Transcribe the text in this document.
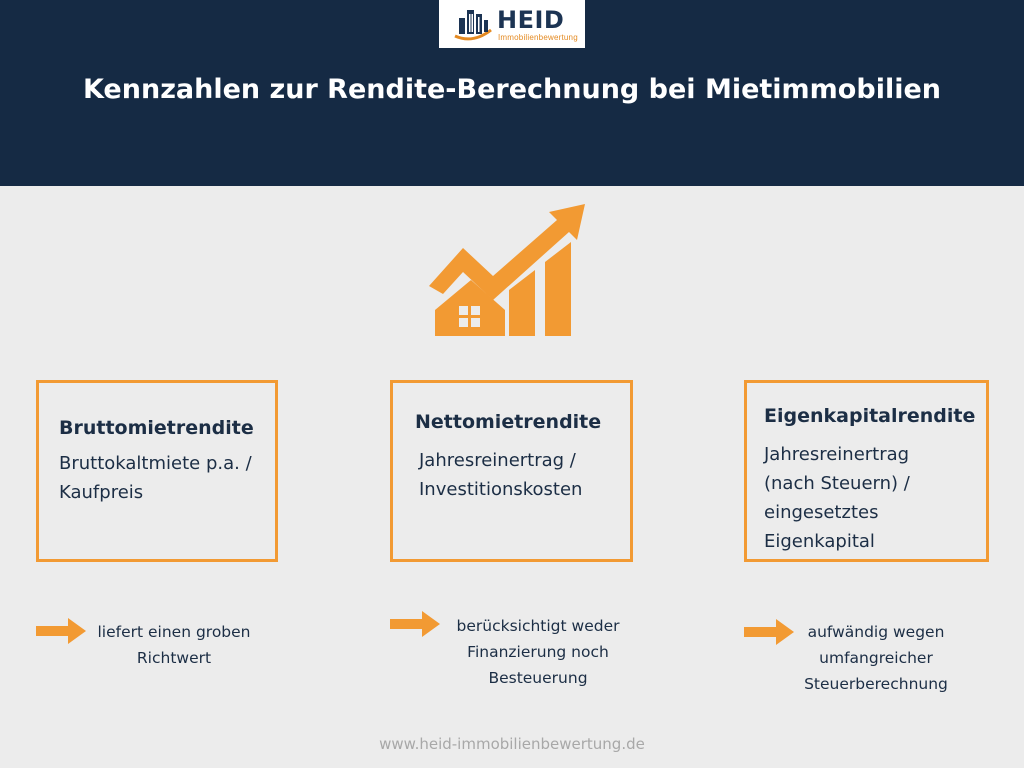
HEID
Immobilienbewertung
Kennzahlen zur Rendite-Berechnung bei Mietimmobilien
Bruttomietrendite
Bruttokaltmiete p.a. /
Kaufpreis
Nettomietrendite
Jahresreinertrag /
Investitionskosten
Eigenkapitalrendite
Jahresreinertrag
(nach Steuern) /
eingesetztes
Eigenkapital
liefert einen groben
Richtwert
berücksichtigt weder
Finanzierung noch
Besteuerung
aufwändig wegen
umfangreicher
Steuerberechnung
www.heid-immobilienbewertung.de
